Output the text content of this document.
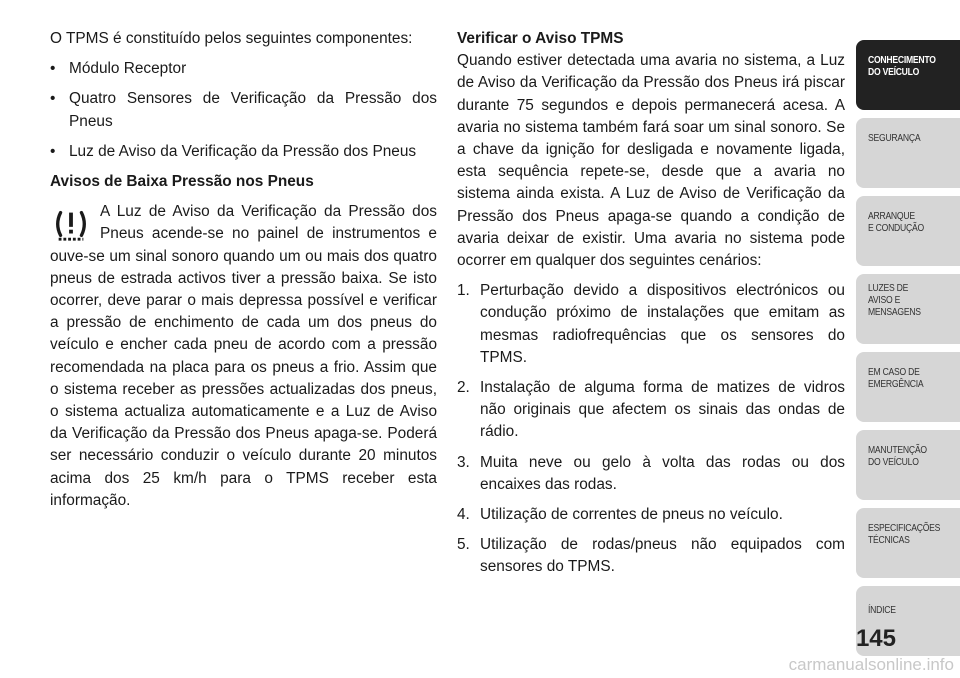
O TPMS é constituído pelos seguintes componentes:

• Módulo Receptor

• Quatro Sensores de Verificação da Pressão dos Pneus

• Luz de Aviso da Verificação da Pressão dos Pneus

Avisos de Baixa Pressão nos Pneus

A Luz de Aviso da Verificação da Pressão dos Pneus acende-se no painel de instrumentos e ouve-se um sinal sonoro quando um ou mais dos quatro pneus de estrada activos tiver a pressão baixa. Se isto ocorrer, deve parar o mais depressa possível e verificar a pressão de enchimento de cada um dos pneus do veículo e encher cada pneu de acordo com a pressão recomendada na placa para os pneus a frio. Assim que o sistema receber as pressões actualizadas dos pneus, o sistema actualiza automaticamente e a Luz de Aviso da Verificação da Pressão dos Pneus apaga-se. Poderá ser necessário conduzir o veículo durante 20 minutos acima dos 25 km/h para o TPMS receber esta informação.

Verificar o Aviso TPMS

Quando estiver detectada uma avaria no sistema, a Luz de Aviso da Verificação da Pressão dos Pneus irá piscar durante 75 segundos e depois permanecerá acesa. A avaria no sistema também fará soar um sinal sonoro. Se a chave da ignição for desligada e novamente ligada, esta sequência repete-se, desde que a avaria no sistema ainda exista. A Luz de Aviso de Verificação da Pressão dos Pneus apaga-se quando a condição de avaria deixar de existir. Uma avaria no sistema pode ocorrer em qualquer dos seguintes cenários:

1. Perturbação devido a dispositivos electrónicos ou condução próximo de instalações que emitam as mesmas radiofrequências que os sensores do TPMS.

2. Instalação de alguma forma de matizes de vidros não originais que afectem os sinais das ondas de rádio.

3. Muita neve ou gelo à volta das rodas ou dos encaixes das rodas.

4. Utilização de correntes de pneus no veículo.

5. Utilização de rodas/pneus não equipados com sensores do TPMS.

CONHECIMENTO
DO VEÍCULO
SEGURANÇA
ARRANQUE
E CONDUÇÃO
LUZES DE
AVISO E
MENSAGENS
EM CASO DE
EMERGÊNCIA
MANUTENÇÃO
DO VEÍCULO
ESPECIFICAÇÕES
TÉCNICAS
ÍNDICE
145
carmanualsonline.info
